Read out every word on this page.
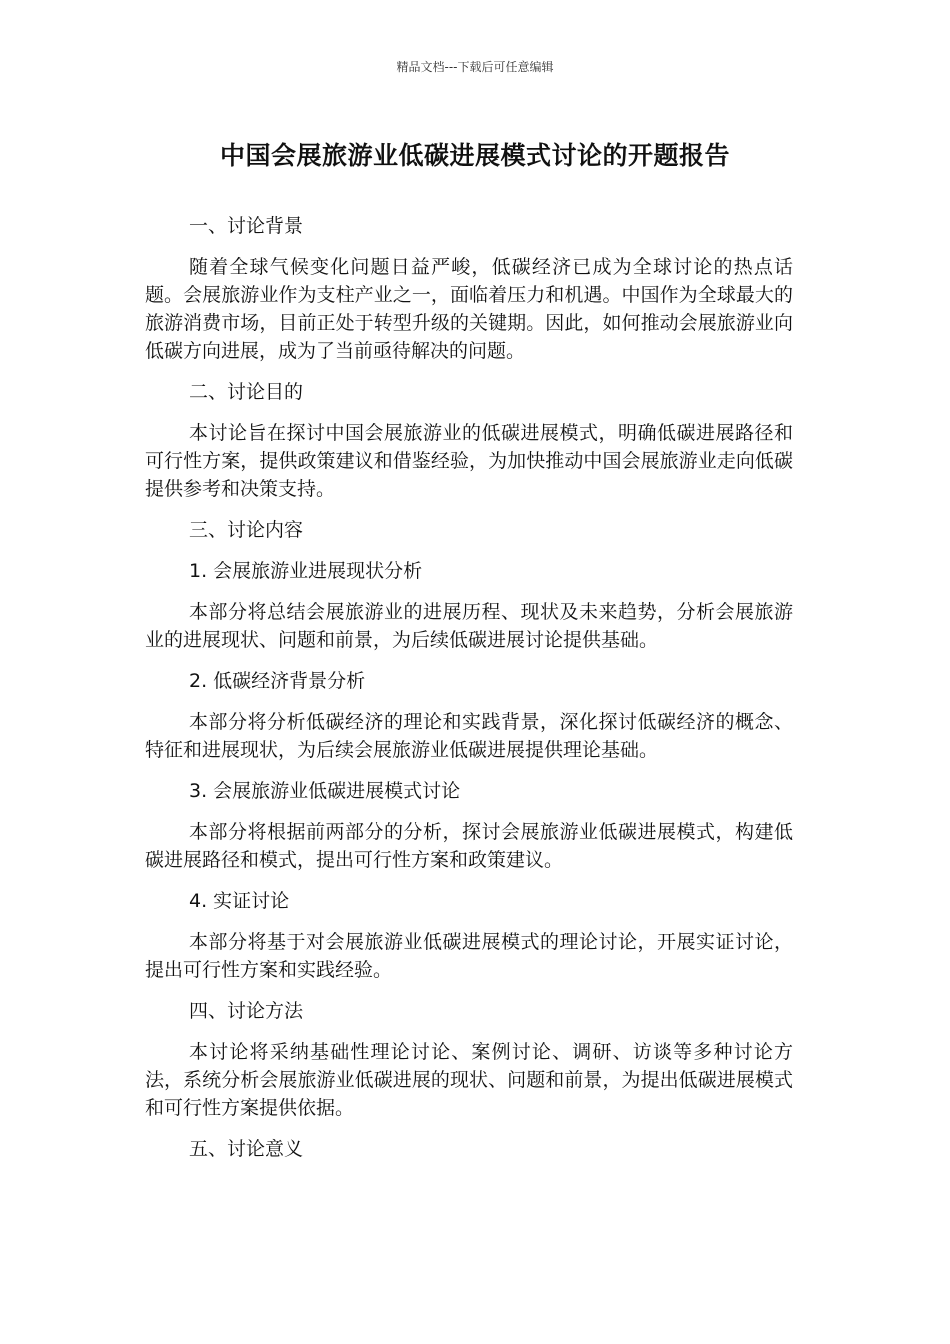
精品文档---下载后可任意编辑
中国会展旅游业低碳进展模式讨论的开题报告

一、讨论背景

随着全球气候变化问题日益严峻，低碳经济已成为全球讨论的热点话题。会展旅游业作为支柱产业之一，面临着压力和机遇。中国作为全球最大的旅游消费市场，目前正处于转型升级的关键期。因此，如何推动会展旅游业向低碳方向进展，成为了当前亟待解决的问题。

二、讨论目的

本讨论旨在探讨中国会展旅游业的低碳进展模式，明确低碳进展路径和可行性方案，提供政策建议和借鉴经验，为加快推动中国会展旅游业走向低碳提供参考和决策支持。

三、讨论内容

1. 会展旅游业进展现状分析

本部分将总结会展旅游业的进展历程、现状及未来趋势，分析会展旅游业的进展现状、问题和前景，为后续低碳进展讨论提供基础。

2. 低碳经济背景分析

本部分将分析低碳经济的理论和实践背景，深化探讨低碳经济的概念、特征和进展现状，为后续会展旅游业低碳进展提供理论基础。

3. 会展旅游业低碳进展模式讨论

本部分将根据前两部分的分析，探讨会展旅游业低碳进展模式，构建低碳进展路径和模式，提出可行性方案和政策建议。

4. 实证讨论

本部分将基于对会展旅游业低碳进展模式的理论讨论，开展实证讨论，提出可行性方案和实践经验。

四、讨论方法

本讨论将采纳基础性理论讨论、案例讨论、调研、访谈等多种讨论方法，系统分析会展旅游业低碳进展的现状、问题和前景，为提出低碳进展模式和可行性方案提供依据。

五、讨论意义
